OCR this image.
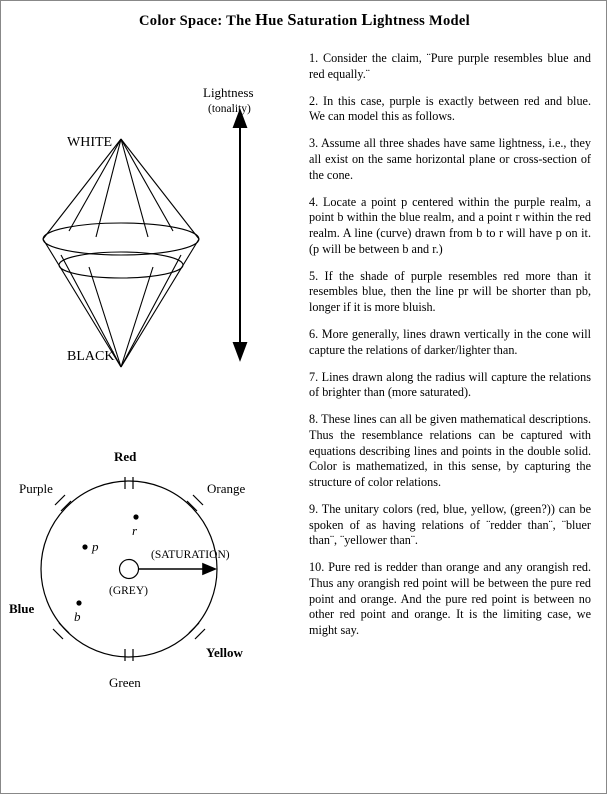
Color Space: The Hue Saturation Lightness Model
WHITE
BLACK
Lightness
(tonality)
Red
Orange
Yellow
Green
Blue
Purple
(GREY)
(SATURATION)
r
p
b

1. Consider the claim, ¨Pure purple resembles blue and red equally.¨

2. In this case, purple is exactly between red and blue. We can model this as follows.

3. Assume all three shades have same lightness, i.e., they all exist on the same horizontal plane or cross-section of the cone.

4. Locate a point p centered within the purple realm, a point b within the blue realm, and a point r within the red realm. A line (curve) drawn from b to r will have p on it. (p will be between b and r.)

5. If the shade of purple resembles red more than it resembles blue, then the line pr will be shorter than pb, longer if it is more bluish.

6. More generally, lines drawn vertically in the cone will capture the relations of darker/lighter than.

7. Lines drawn along the radius will capture the relations of brighter than (more saturated).

8. These lines can all be given mathematical descriptions. Thus the resemblance relations can be captured with equations describing lines and points in the double solid. Color is mathematized, in this sense, by capturing the structure of color relations.

9. The unitary colors (red, blue, yellow, (green?)) can be spoken of as having relations of ¨redder than¨, ¨bluer than¨, ¨yellower than¨.

10. Pure red is redder than orange and any orangish red. Thus any orangish red point will be between the pure red point and orange. And the pure red point is between no other red point and orange. It is the limiting case, we might say.
